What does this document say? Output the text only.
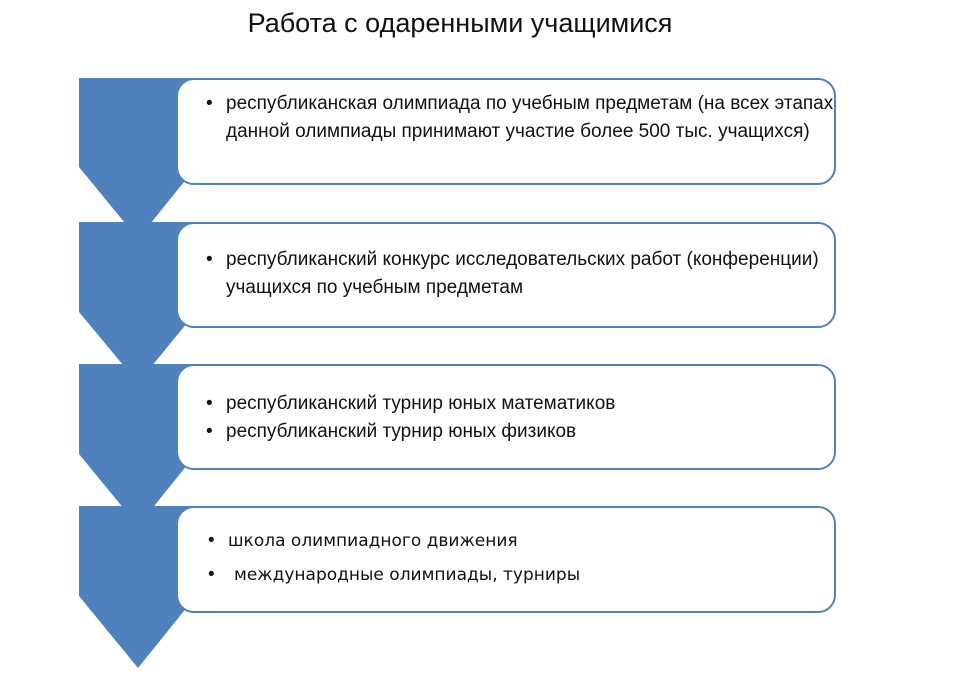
Работа с одаренными учащимися
• республиканская олимпиада по учебным предметам (на всех этапах данной олимпиады принимают участие более 500 тыс. учащихся)
• республиканский конкурс исследовательских работ (конференции) учащихся по учебным предметам
• республиканский турнир юных математиков
• республиканский турнир юных физиков
• школа олимпиадного движения
• международные олимпиады, турниры
